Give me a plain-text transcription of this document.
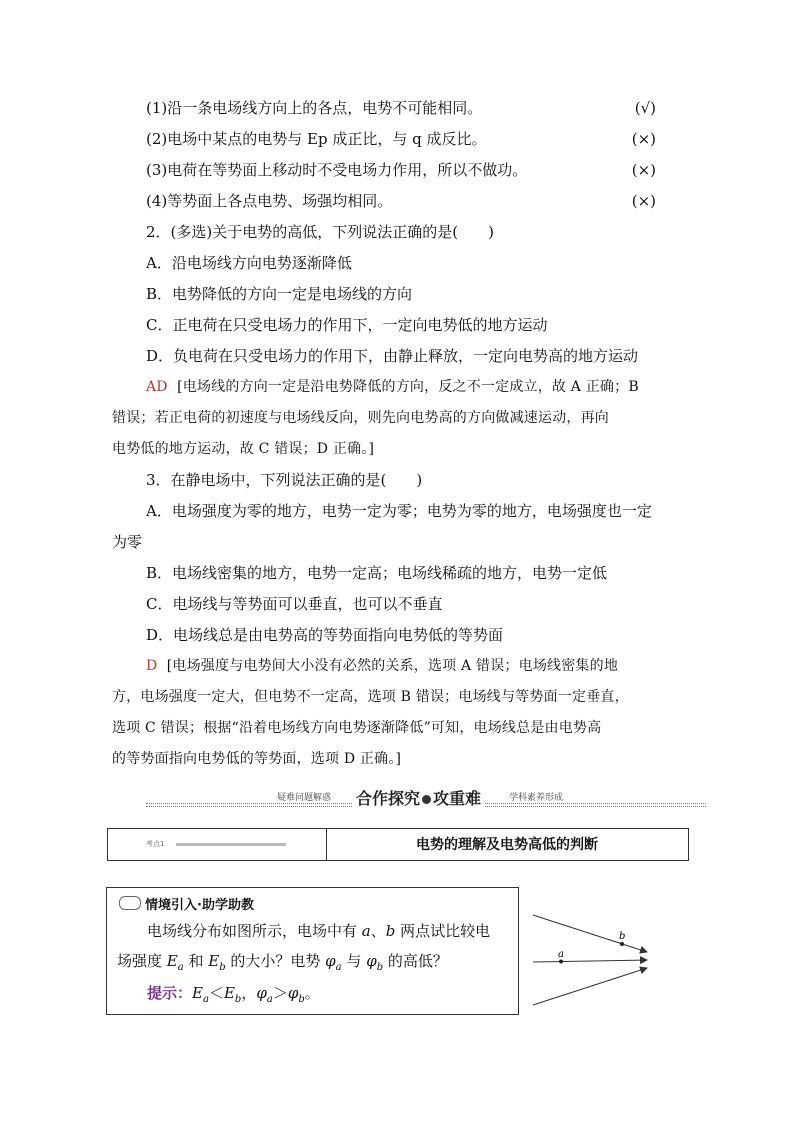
(1)沿一条电场线方向上的各点，电势不可能相同。	(√)
(2)电场中某点的电势与 Ep 成正比，与 q 成反比。	(×)
(3)电荷在等势面上移动时不受电场力作用，所以不做功。	(×)
(4)等势面上各点电势、场强均相同。	(×)
2．(多选)关于电势的高低，下列说法正确的是(　　)
A．沿电场线方向电势逐渐降低
B．电势降低的方向一定是电场线的方向
C．正电荷在只受电场力的作用下，一定向电势低的地方运动
D．负电荷在只受电场力的作用下，由静止释放，一定向电势高的地方运动
AD [电场线的方向一定是沿电势降低的方向，反之不一定成立，故 A 正确；B
错误；若正电荷的初速度与电场线反向，则先向电势高的方向做减速运动，再向
电势低的地方运动，故 C 错误；D 正确。]
3．在静电场中，下列说法正确的是(　　)
A．电场强度为零的地方，电势一定为零；电势为零的地方，电场强度也一定
为零
B．电场线密集的地方，电势一定高；电场线稀疏的地方，电势一定低
C．电场线与等势面可以垂直，也可以不垂直
D．电场线总是由电势高的等势面指向电势低的等势面
D [电场强度与电势间大小没有必然的关系，选项 A 错误；电场线密集的地
方，电场强度一定大，但电势不一定高，选项 B 错误；电场线与等势面一定垂直，
选项 C 错误；根据“沿着电场线方向电势逐渐降低”可知，电场线总是由电势高
的等势面指向电势低的等势面，选项 D 正确。]
疑难问题解惑 合作探究 攻重难	学科素养形成
考点1	电势的理解及电势高低的判断
情境引入·助学助教
电场线分布如图所示，电场中有 a、b 两点试比较电
场强度 $E_a$ 和 $E_b$ 的大小？电势 $\varphi_a$ 与 $\varphi_b$ 的高低？
提示：$E_a<E_b$，$\varphi_a>\varphi_b$。
a
b
